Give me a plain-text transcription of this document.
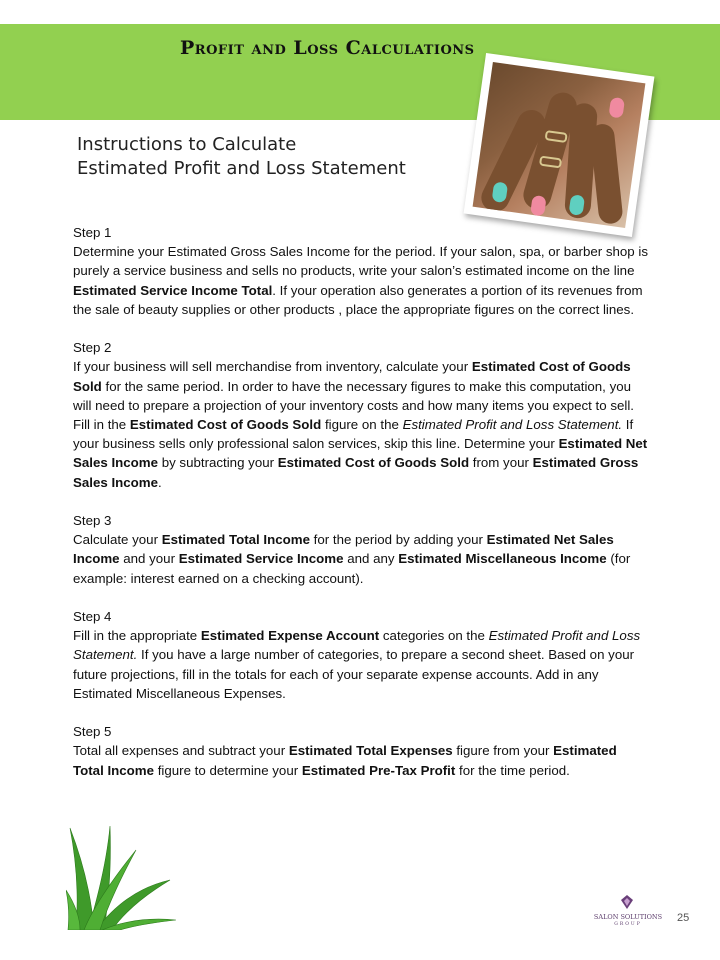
Profit and Loss Calculations
Instructions to Calculate
Estimated Profit and Loss Statement
Step 1
Determine your Estimated Gross Sales Income for the period. If your salon, spa, or barber shop is purely a service business and sells no products, write your salon’s estimated income on the line Estimated Service Income Total. If your operation also generates a portion of its revenues from the sale of beauty supplies or other products , place the appropriate figures on the correct lines.
Step 2
If your business will sell merchandise from inventory, calculate your Estimated Cost of Goods Sold for the same period. In order to have the necessary figures to make this computation, you will need to prepare a projection of your inventory costs and how many items you expect to sell. Fill in the Estimated Cost of Goods Sold figure on the Estimated Profit and Loss Statement. If your business sells only professional salon services, skip this line. Determine your Estimated Net Sales Income by subtracting your Estimated Cost of Goods Sold from your Estimated Gross Sales Income.
Step 3
Calculate your Estimated Total Income for the period by adding your Estimated Net Sales Income and your Estimated Service Income and any Estimated Miscellaneous Income (for example: interest earned on a checking account).
Step 4
Fill in the appropriate Estimated Expense Account categories on the Estimated Profit and Loss Statement. If you have a large number of categories, to prepare a second sheet. Based on your future projections, fill in the totals for each of your separate expense accounts. Add in any Estimated Miscellaneous Expenses.
Step 5
Total all expenses and subtract your Estimated Total Expenses figure from your Estimated Total Income figure to determine your Estimated Pre-Tax Profit for the time period.
SALON SOLUTIONS
GROUP
25
